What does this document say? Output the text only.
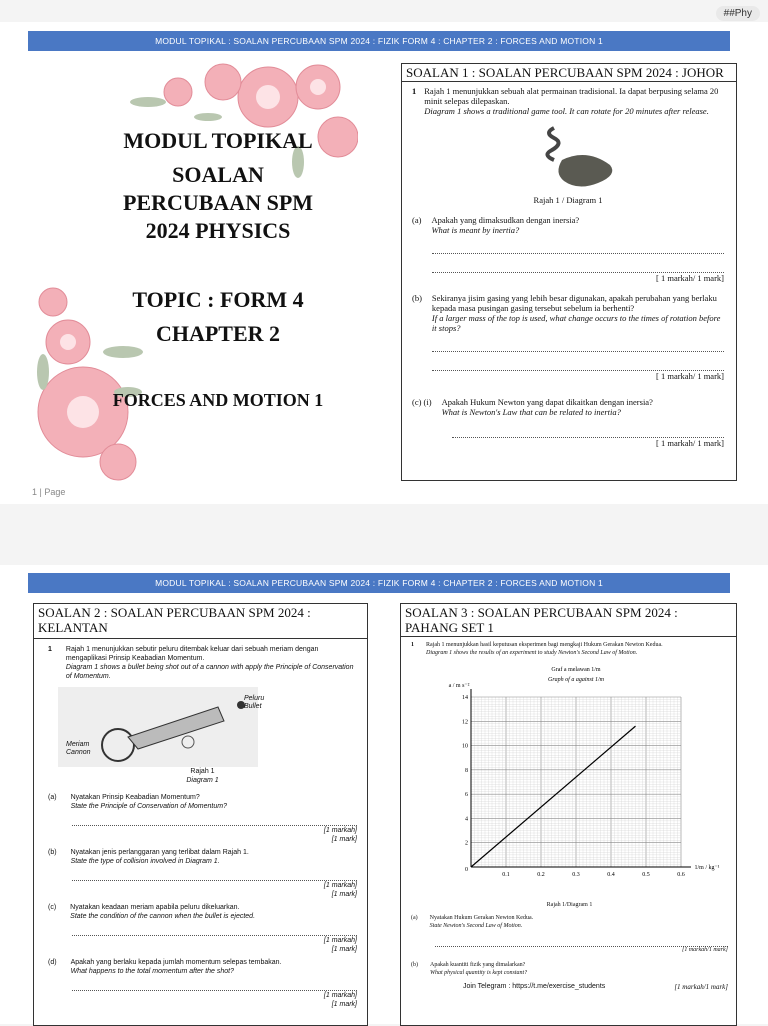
##Phy
MODUL TOPIKAL : SOALAN PERCUBAAN SPM 2024 : FIZIK FORM 4 : CHAPTER 2 : FORCES AND MOTION 1
MODUL TOPIKAL
SOALAN
PERCUBAAN SPM
2024 PHYSICS
TOPIC : FORM 4
CHAPTER 2
FORCES AND MOTION 1
SOALAN 1 : SOALAN PERCUBAAN SPM 2024 : JOHOR
1 Rajah 1 menunjukkan sebuah alat permainan tradisional. Ia dapat berpusing selama 20 minit selepas dilepaskan.
Diagram 1 shows a traditional game tool. It can rotate for 20 minutes after release.
Rajah 1 / Diagram 1
(a) Apakah yang dimaksudkan dengan inersia?
What is meant by inertia?
[ 1 markah/ 1 mark]
(b) Sekiranya jisim gasing yang lebih besar digunakan, apakah perubahan yang berlaku kepada masa pusingan gasing tersebut sebelum ia berhenti?
If a larger mass of the top is used, what change occurs to the times of rotation before it stops?
[ 1 markah/ 1 mark]
(c) (i) Apakah Hukum Newton yang dapat dikaitkan dengan inersia?
What is Newton's Law that can be related to inertia?
[ 1 markah/ 1 mark]
1 | Page
MODUL TOPIKAL : SOALAN PERCUBAAN SPM 2024 : FIZIK FORM 4 : CHAPTER 2 : FORCES AND MOTION 1
SOALAN 2 : SOALAN PERCUBAAN SPM 2024 : KELANTAN
1 Rajah 1 menunjukkan sebutir peluru ditembak keluar dari sebuah meriam dengan mengaplikasi Prinsip Keabadian Momentum.
Diagram 1 shows a bullet being shot out of a cannon with apply the Principle of Conservation of Momentum.
Peluru
Bullet
Meriam
Cannon
Rajah 1
Diagram 1
(a) Nyatakan Prinsip Keabadian Momentum?
State the Principle of Conservation of Momentum?
[1 markah]
[1 mark]
(b) Nyatakan jenis perlanggaran yang terlibat dalam Rajah 1.
State the type of collision involved in Diagram 1.
[1 markah]
[1 mark]
(c) Nyatakan keadaan meriam apabila peluru dikeluarkan.
State the condition of the cannon when the bullet is ejected.
[1 markah]
[1 mark]
(d) Apakah yang berlaku kepada jumlah momentum selepas tembakan.
What happens to the total momentum after the shot?
[1 markah]
[1 mark]
SOALAN 3 : SOALAN PERCUBAAN SPM 2024 : PAHANG SET 1
1 Rajah 1 menunjukkan hasil keputusan eksperimen bagi mengkaji Hukum Gerakan Newton Kedua.
Diagram 1 shows the results of an experiment to study Newton's Second Law of Motion.
0.1	0.2	0.3	0.4	0.5	0.6
2
4
6
8
10
12
14
0
Graf a melawan 1/m
Graph of a against 1/m
a / m s⁻²
1/m / kg⁻¹
Rajah 1/Diagram 1
(a) Nyatakan Hukum Gerakan Newton Kedua.
State Newton's Second Law of Motion.
[1 markah/1 mark]
(b) Apakah kuantiti fizik yang dimalarkan?
What physical quantity is kept constant?
Join Telegram : https://t.me/exercise_students	[1 markah/1 mark]
